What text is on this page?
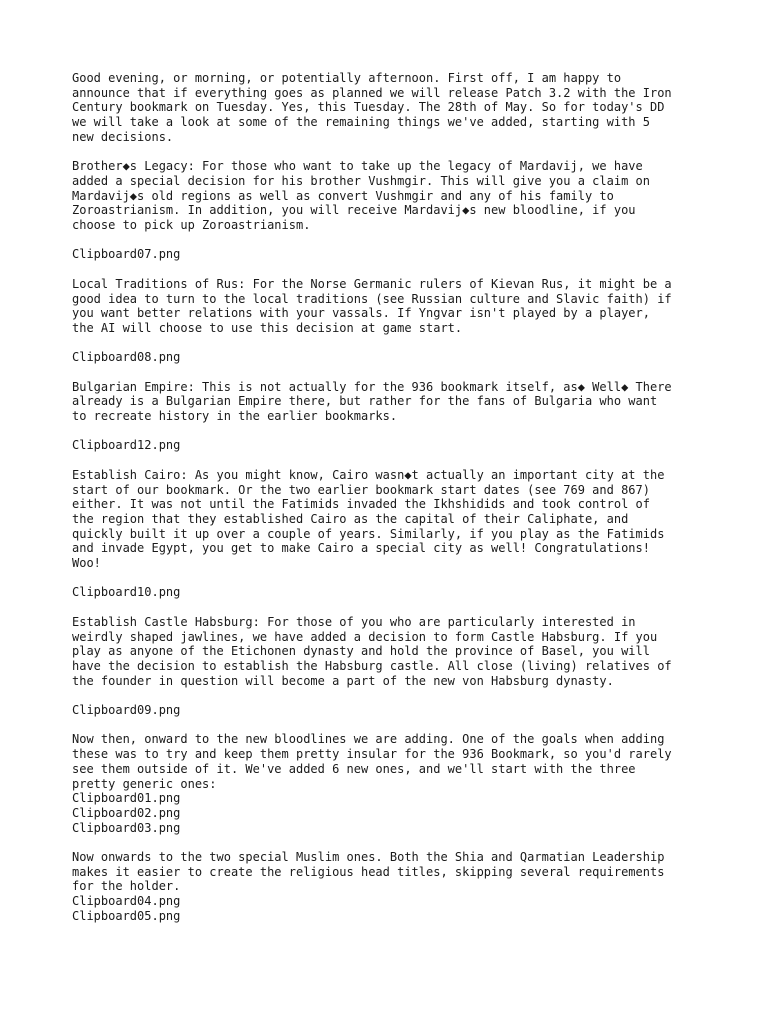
Good evening, or morning, or potentially afternoon. First off, I am happy to
announce that if everything goes as planned we will release Patch 3.2 with the Iron
Century bookmark on Tuesday. Yes, this Tuesday. The 28th of May. So for today's DD
we will take a look at some of the remaining things we've added, starting with 5
new decisions.
Brother◆s Legacy: For those who want to take up the legacy of Mardavij, we have
added a special decision for his brother Vushmgir. This will give you a claim on
Mardavij◆s old regions as well as convert Vushmgir and any of his family to
Zoroastrianism. In addition, you will receive Mardavij◆s new bloodline, if you
choose to pick up Zoroastrianism.
Clipboard07.png
Local Traditions of Rus: For the Norse Germanic rulers of Kievan Rus, it might be a
good idea to turn to the local traditions (see Russian culture and Slavic faith) if
you want better relations with your vassals. If Yngvar isn't played by a player,
the AI will choose to use this decision at game start.
Clipboard08.png
Bulgarian Empire: This is not actually for the 936 bookmark itself, as◆ Well◆ There
already is a Bulgarian Empire there, but rather for the fans of Bulgaria who want
to recreate history in the earlier bookmarks.
Clipboard12.png
Establish Cairo: As you might know, Cairo wasn◆t actually an important city at the
start of our bookmark. Or the two earlier bookmark start dates (see 769 and 867)
either. It was not until the Fatimids invaded the Ikhshidids and took control of
the region that they established Cairo as the capital of their Caliphate, and
quickly built it up over a couple of years. Similarly, if you play as the Fatimids
and invade Egypt, you get to make Cairo a special city as well! Congratulations!
Woo!
Clipboard10.png
Establish Castle Habsburg: For those of you who are particularly interested in
weirdly shaped jawlines, we have added a decision to form Castle Habsburg. If you
play as anyone of the Etichonen dynasty and hold the province of Basel, you will
have the decision to establish the Habsburg castle. All close (living) relatives of
the founder in question will become a part of the new von Habsburg dynasty.
Clipboard09.png
Now then, onward to the new bloodlines we are adding. One of the goals when adding
these was to try and keep them pretty insular for the 936 Bookmark, so you'd rarely
see them outside of it. We've added 6 new ones, and we'll start with the three
pretty generic ones:
Clipboard01.png
Clipboard02.png
Clipboard03.png
Now onwards to the two special Muslim ones. Both the Shia and Qarmatian Leadership
makes it easier to create the religious head titles, skipping several requirements
for the holder.
Clipboard04.png
Clipboard05.png
